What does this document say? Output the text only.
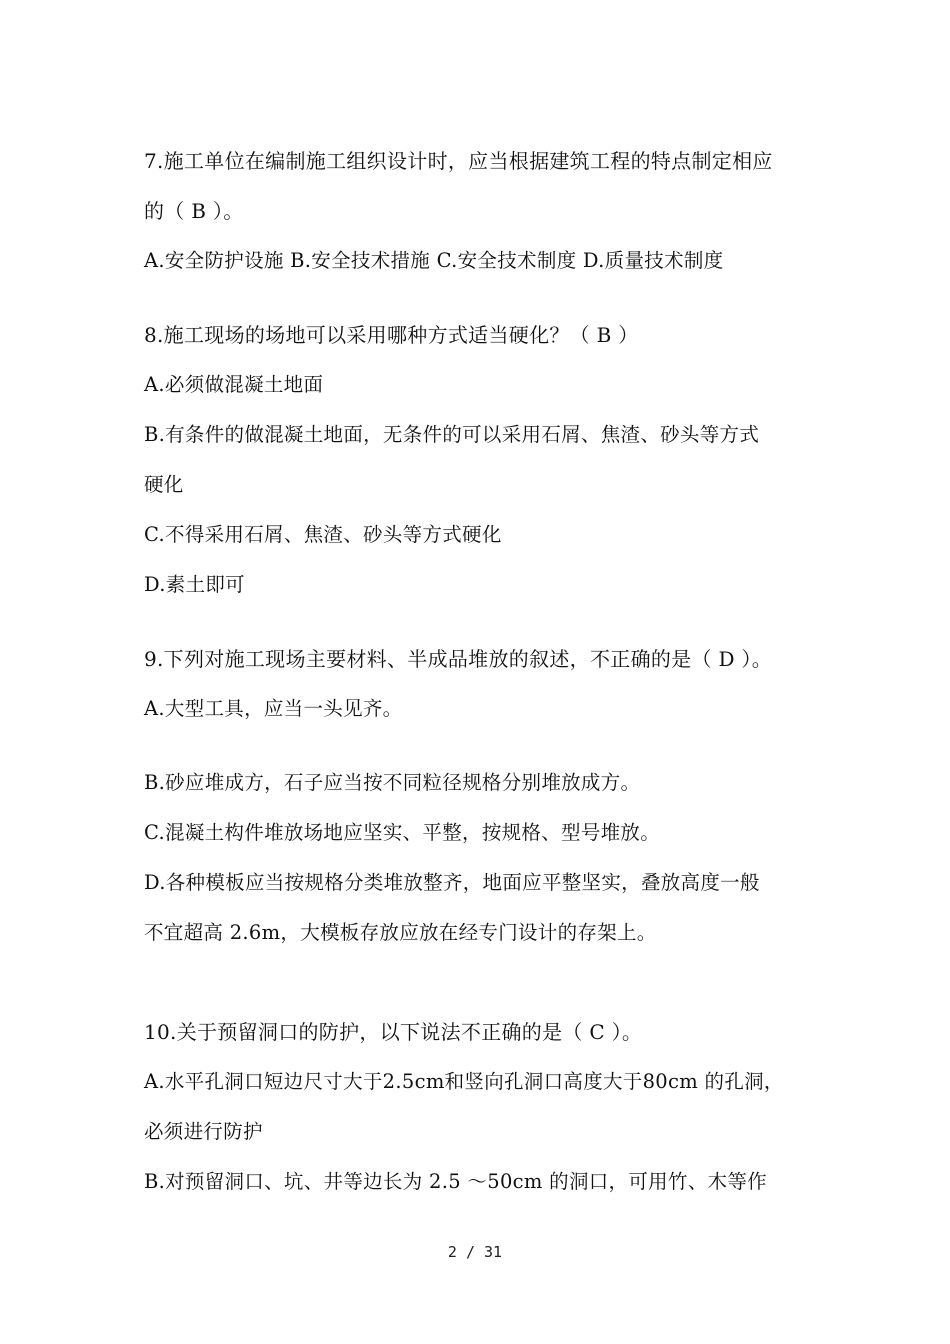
7.施工单位在编制施工组织设计时，应当根据建筑工程的特点制定相应
的（ B ）。
A.安全防护设施 B.安全技术措施 C.安全技术制度 D.质量技术制度
8.施工现场的场地可以采用哪种方式适当硬化？（ B ）
A.必须做混凝土地面
B.有条件的做混凝土地面，无条件的可以采用石屑、焦渣、砂头等方式
硬化
C.不得采用石屑、焦渣、砂头等方式硬化
D.素土即可
9.下列对施工现场主要材料、半成品堆放的叙述，不正确的是（ D ）。
A.大型工具，应当一头见齐。
B.砂应堆成方，石子应当按不同粒径规格分别堆放成方。
C.混凝土构件堆放场地应坚实、平整，按规格、型号堆放。
D.各种模板应当按规格分类堆放整齐，地面应平整坚实，叠放高度一般
不宜超高 2.6m，大模板存放应放在经专门设计的存架上。
10.关于预留洞口的防护，以下说法不正确的是（ C ）。
A.水平孔洞口短边尺寸大于2.5cm和竖向孔洞口高度大于80cm 的孔洞，
必须进行防护
B.对预留洞口、坑、井等边长为 2.5 ～50cm 的洞口，可用竹、木等作
2 / 31
